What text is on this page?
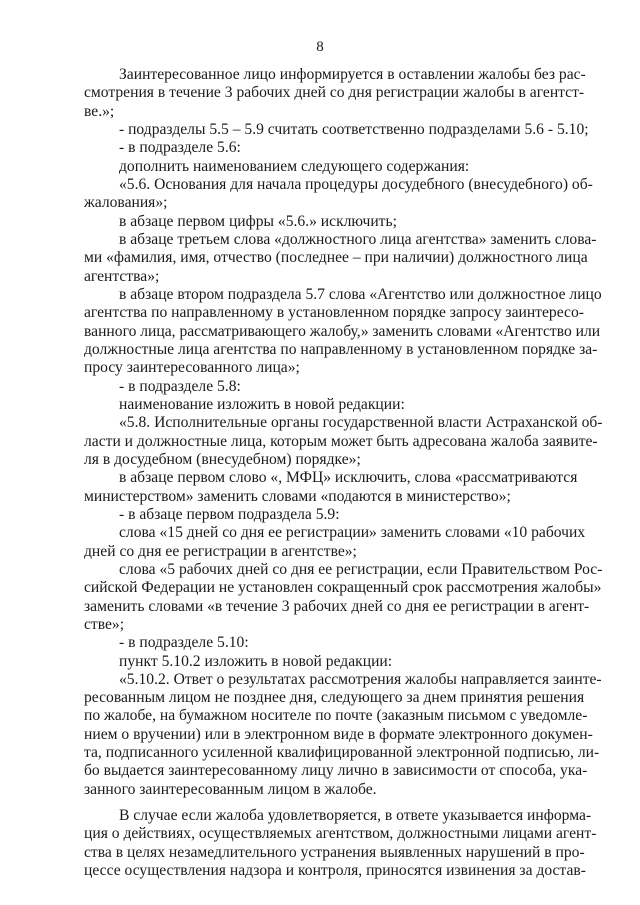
8
Заинтересованное лицо информируется в оставлении жалобы без рас-
смотрения в течение 3 рабочих дней со дня регистрации жалобы в агентст-
ве.»;
- подразделы 5.5 – 5.9 считать соответственно подразделами 5.6 - 5.10;
- в подразделе 5.6:
дополнить наименованием следующего содержания:
«5.6. Основания для начала процедуры досудебного (внесудебного) об-
жалования»;
в абзаце первом цифры «5.6.» исключить;
в абзаце третьем слова «должностного лица агентства» заменить слова-
ми «фамилия, имя, отчество (последнее – при наличии) должностного лица
агентства»;
в абзаце втором подраздела 5.7 слова «Агентство или должностное лицо
агентства по направленному в установленном порядке запросу заинтересо-
ванного лица, рассматривающего жалобу,» заменить словами «Агентство или
должностные лица агентства по направленному в установленном порядке за-
просу заинтересованного лица»;
- в подразделе 5.8:
наименование изложить в новой редакции:
«5.8. Исполнительные органы государственной власти Астраханской об-
ласти и должностные лица, которым может быть адресована жалоба заявите-
ля в досудебном (внесудебном) порядке»;
в абзаце первом слово «, МФЦ» исключить, слова «рассматриваются
министерством» заменить словами «подаются в министерство»;
- в абзаце первом подраздела 5.9:
слова «15 дней со дня ее регистрации» заменить словами «10 рабочих
дней со дня ее регистрации в агентстве»;
слова «5 рабочих дней со дня ее регистрации, если Правительством Рос-
сийской Федерации не установлен сокращенный срок рассмотрения жалобы»
заменить словами «в течение 3 рабочих дней со дня ее регистрации в агент-
стве»;
- в подразделе 5.10:
пункт 5.10.2 изложить в новой редакции:
«5.10.2. Ответ о результатах рассмотрения жалобы направляется заинте-
ресованным лицом не позднее дня, следующего за днем принятия решения
по жалобе, на бумажном носителе по почте (заказным письмом с уведомле-
нием о вручении) или в электронном виде в формате электронного докумен-
та, подписанного усиленной квалифицированной электронной подписью, ли-
бо выдается заинтересованному лицу лично в зависимости от способа, ука-
занного заинтересованным лицом в жалобе.
В случае если жалоба удовлетворяется, в ответе указывается информа-
ция о действиях, осуществляемых агентством, должностными лицами агент-
ства в целях незамедлительного устранения выявленных нарушений в про-
цессе осуществления надзора и контроля, приносятся извинения за достав-
